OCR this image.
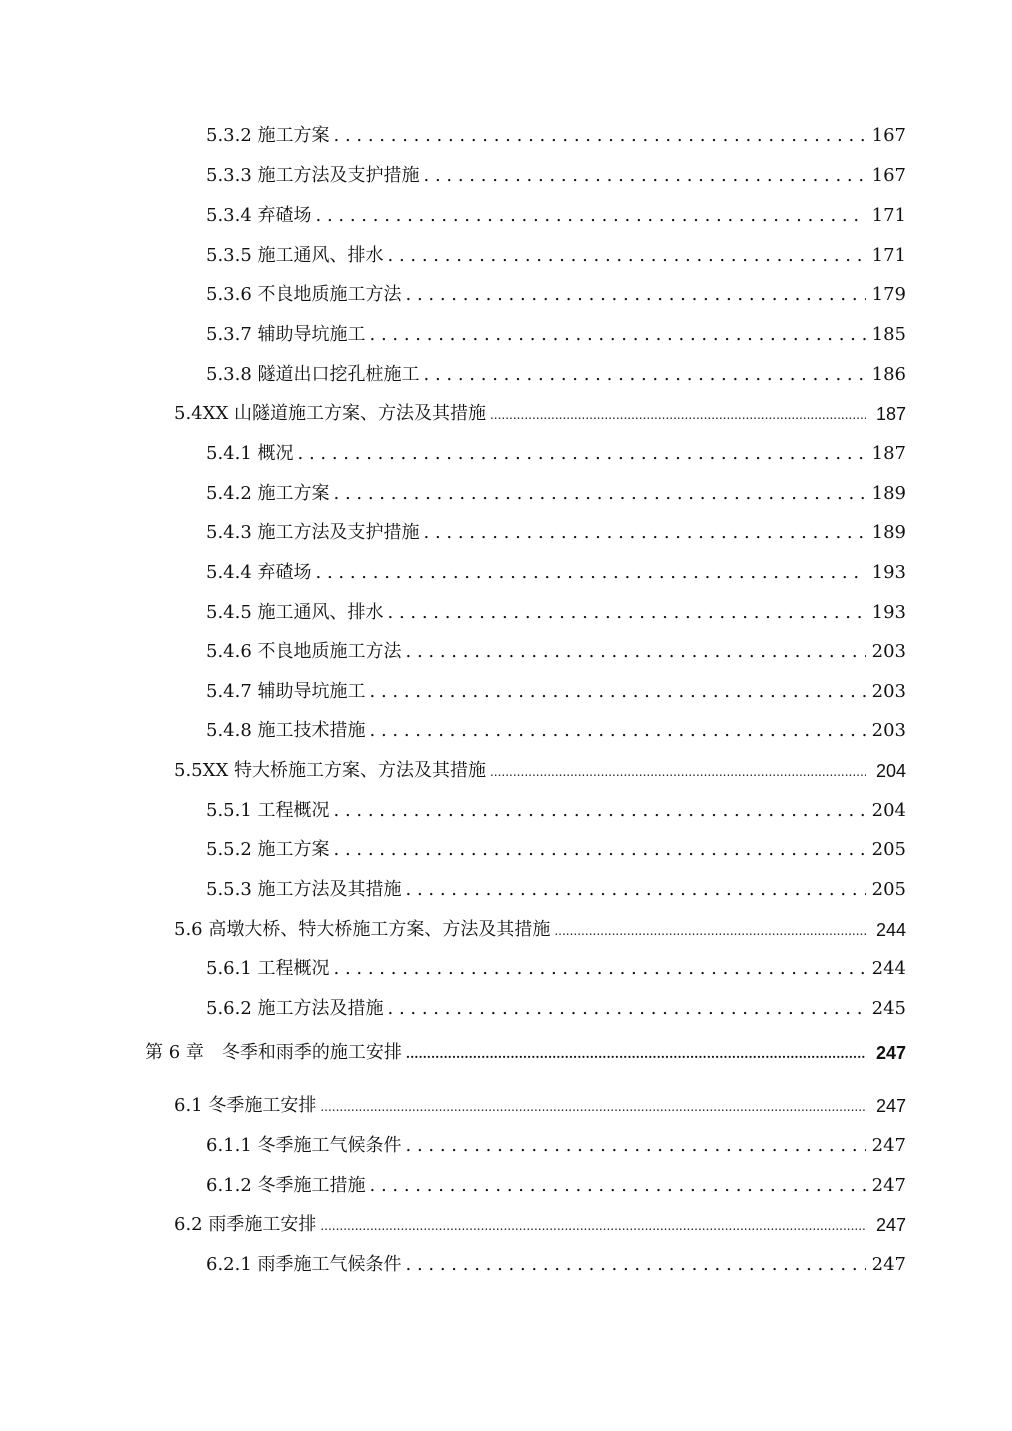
5.3.2 施工方案 . . .	167
5.3.3 施工方法及支护措施 . . .	167
5.3.4 弃碴场 . . .	171
5.3.5 施工通风、排水 . . .	171
5.3.6 不良地质施工方法 . . .	179
5.3.7 辅助导坑施工 . . .	185
5.3.8 隧道出口挖孔桩施工 . . .	186
5.4XX 山隧道施工方案、方法及其措施 .....	187
5.4.1 概况 . . .	187
5.4.2 施工方案 . . .	189
5.4.3 施工方法及支护措施 . . .	189
5.4.4 弃碴场 . . .	193
5.4.5 施工通风、排水 . . .	193
5.4.6 不良地质施工方法 . . .	203
5.4.7 辅助导坑施工 . . .	203
5.4.8 施工技术措施 . . .	203
5.5XX 特大桥施工方案、方法及其措施 .....	204
5.5.1 工程概况 . . .	204
5.5.2 施工方案 . . .	205
5.5.3 施工方法及其措施 . . .	205
5.6 高墩大桥、特大桥施工方案、方法及其措施 .....	244
5.6.1 工程概况 . . .	244
5.6.2 施工方法及措施 . . .	245
第 6 章　冬季和雨季的施工安排 .....	247
6.1 冬季施工安排 .....	247
6.1.1 冬季施工气候条件 . . .	247
6.1.2 冬季施工措施 . . .	247
6.2 雨季施工安排 .....	247
6.2.1 雨季施工气候条件 . . .	247
